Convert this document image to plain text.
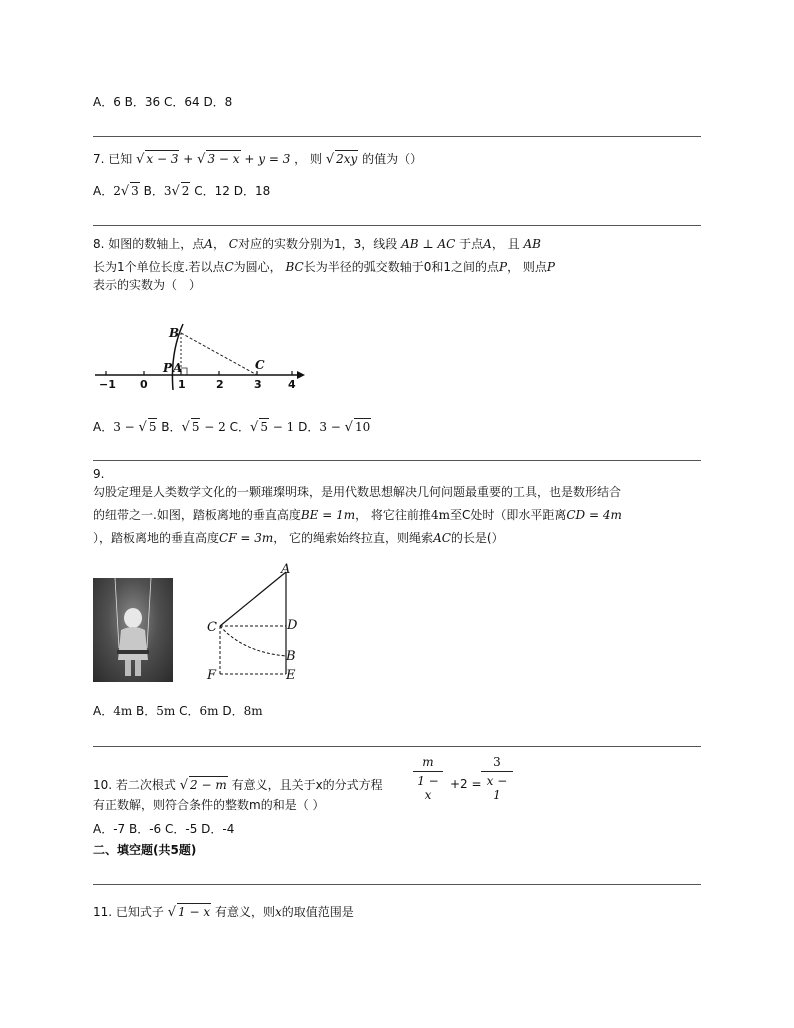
A．6 B．36 C．64 D．8
7. 已知 √ x − 3 + √ 3 − x + y = 3 ， 则 √ 2xy 的值为（）
A．2√ 3 B．3√ 2 C．12 D．18
8. 如图的数轴上，点A， C对应的实数分别为1，3，线段 AB ⊥ AC 于点A， 且 AB
长为1个单位长度.若以点C为圆心， BC长为半径的弧交数轴于0和1之间的点P， 则点P
表示的实数为（　）
−1 0	1	2	3 4
B
P A	C
A．3 − √ 5 B．√ 5 − 2 C．√ 5 − 1 D．3 − √ 10
9.
勾股定理是人类数学文化的一颗璀璨明珠，是用代数思想解决几何问题最重要的工具，也是数形结合
的纽带之一.如图，踏板离地的垂直高度BE = 1m， 将它往前推4m至C处时（即水平距离CD = 4m
），踏板离地的垂直高度CF = 3m， 它的绳索始终拉直，则绳索AC的长是(）
A
C	D
B
F	E
A．4m B．5m C．6m D．8m
10. 若二次根式 √ 2 − m 有意义，且关于x的分式方程	$\frac{m}{1 - x} +2 = \frac{3}{x - 1}$
有正数解，则符合条件的整数m的和是（ ）
A．-7 B．-6 C．-5 D．-4
二、填空题(共5题)
11. 已知式子 √ 1 − x 有意义，则x的取值范围是
